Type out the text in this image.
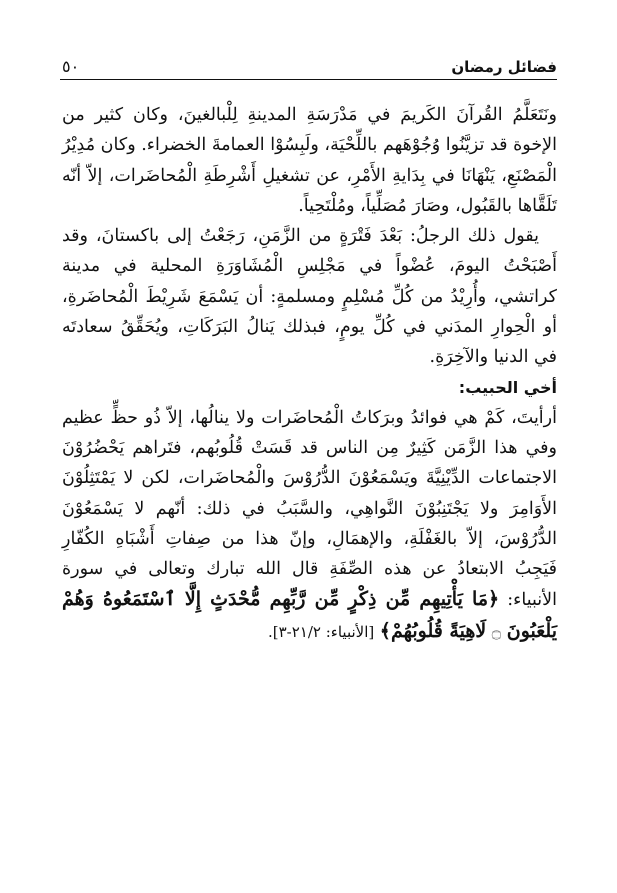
فضائل رمضان
٥٠

ونَتَعَلَّمُ القُرآنَ الكَريمَ في مَدْرَسَةِ المدينةِ لِلْبالغينَ، وكان كثير من الإخوة قد تزيَّنُوا وُجُوْهَهم باللِّحْيَة، ولَبِسُوْا العمامةَ الخضراء. وكان مُدِيْرُ الْمَصْنَعِ، يَنْهَانَا في بِدَايةِ الأَمْرِ، عن تشغيلِ أَشْرِطَةِ الْمُحاضَرات، إلاّ أنّه تَلَقَّاها بالقَبُول، وصَارَ مُصَلِّياً، ومُلْتَحِياً.

يقول ذلك الرجلُ: بَعْدَ فَتْرَةٍ من الزَّمَنِ، رَجَعْتُ إلى باكستانَ، وقد أَصْبَحْتُ اليومَ، عُضْواً في مَجْلِسِ الْمُشَاوَرَةِ المحلية في مدينة كراتشي، وأُرِيْدُ من كُلِّ مُسْلِمٍ ومسلمةٍ: أن يَسْمَعَ شَرِيْطَ الْمُحاضَرةِ، أو الْحِوارِ المدَني في كُلِّ يومٍ، فبذلك يَنالُ البَرَكَاتِ، ويُحَقِّقُ سعادتَه في الدنيا والآخِرَةِ.

أخي الحبيب:

أرأيتَ، كَمْ هي فوائدُ وبرَكاتُ الْمُحاضَرات ولا ينالُها، إلاّ ذُو حظٍّ عظيم وفي هذا الزَّمَن كَثِيرٌ مِن الناس قد قَسَتْ قُلُوبُهم، فتَراهم يَحْضُرُوْنَ الاجتماعات الدِّيْنِيَّةَ ويَسْمَعُوْنَ الدُّرُوْسَ والْمُحاضَرات، لكن لا يَمْتَثِلُوْنَ الأَوَامِرَ ولا يَجْتَنِبُوْنَ النَّواهِي، والسَّبَبُ في ذلك: أنّهم لا يَسْمَعُوْنَ الدُّرُوْسَ، إلاّ بالغَفْلَةِ، والإهمَالِ، وإنّ هذا من صِفاتِ أَشْبَاهِ الكُفّارِ فَيَجِبُ الابتعادُ عن هذه الصِّفَةِ قال الله تبارك وتعالى في سورة الأنبياء: ﴿مَا يَأْتِيهِم مِّن ذِكْرٍ مِّن رَّبِّهِم مُّحْدَثٍ إِلَّا ٱسْتَمَعُوهُ وَهُمْ يَلْعَبُونَ ۝ لَاهِيَةً قُلُوبُهُمْ﴾ [الأنبياء: ٢١/٢-٣].
